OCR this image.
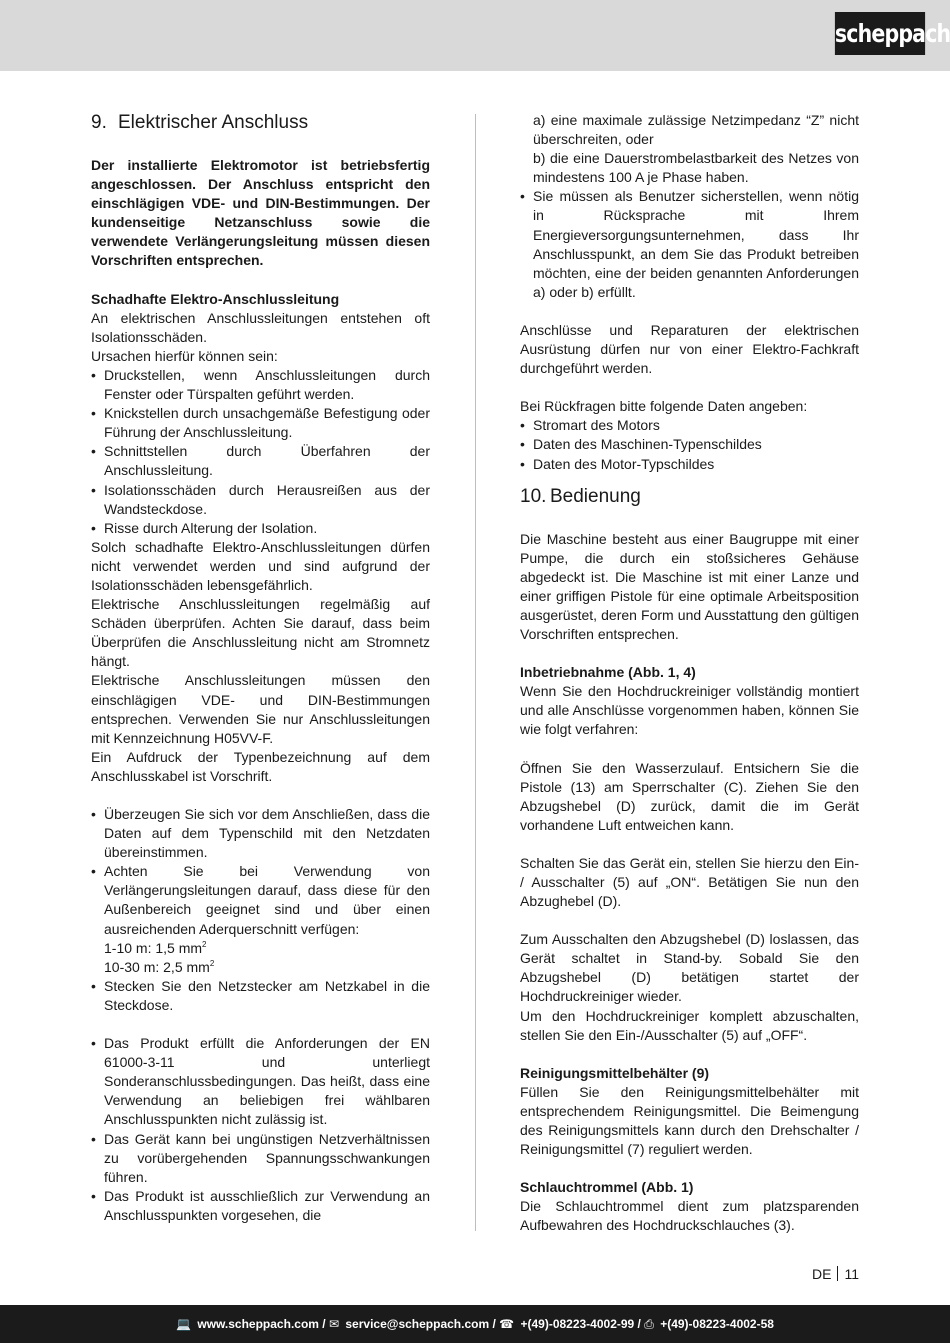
scheppach
9. Elektrischer Anschluss

Der installierte Elektromotor ist betriebsfertig angeschlossen. Der Anschluss entspricht den einschlägigen VDE- und DIN-Bestimmungen. Der kundenseitige Netzanschluss sowie die verwendete Verlängerungsleitung müssen diesen Vorschriften entsprechen.

Schadhafte Elektro-Anschlussleitung

An elektrischen Anschlussleitungen entstehen oft Isolationsschäden.

Ursachen hierfür können sein:

• Druckstellen, wenn Anschlussleitungen durch Fenster oder Türspalten geführt werden.
• Knickstellen durch unsachgemäße Befestigung oder Führung der Anschlussleitung.
• Schnittstellen durch Überfahren der Anschlussleitung.
• Isolationsschäden durch Herausreißen aus der Wandsteckdose.
• Risse durch Alterung der Isolation.

Solch schadhafte Elektro-Anschlussleitungen dürfen nicht verwendet werden und sind aufgrund der Isolationsschäden lebensgefährlich.

Elektrische Anschlussleitungen regelmäßig auf Schäden überprüfen. Achten Sie darauf, dass beim Überprüfen die Anschlussleitung nicht am Stromnetz hängt.

Elektrische Anschlussleitungen müssen den einschlägigen VDE- und DIN-Bestimmungen entsprechen. Verwenden Sie nur Anschlussleitungen mit Kennzeichnung H05VV-F.

Ein Aufdruck der Typenbezeichnung auf dem Anschlusskabel ist Vorschrift.

• Überzeugen Sie sich vor dem Anschließen, dass die Daten auf dem Typenschild mit den Netzdaten übereinstimmen.
• Achten Sie bei Verwendung von Verlängerungsleitungen darauf, dass diese für den Außenbereich geeignet sind und über einen ausreichenden Aderquerschnitt verfügen:
1-10 m: 1,5 $mm^2$
10-30 m: 2,5 $mm^2$
• Stecken Sie den Netzstecker am Netzkabel in die Steckdose.
• Das Produkt erfüllt die Anforderungen der EN 61000-3-11 und unterliegt Sonderanschlussbedingungen. Das heißt, dass eine Verwendung an beliebigen frei wählbaren Anschlusspunkten nicht zulässig ist.
• Das Gerät kann bei ungünstigen Netzverhältnissen zu vorübergehenden Spannungsschwankungen führen.
• Das Produkt ist ausschließlich zur Verwendung an Anschlusspunkten vorgesehen, die

a) eine maximale zulässige Netzimpedanz “Z” nicht überschreiten, oder

b) die eine Dauerstrombelastbarkeit des Netzes von mindestens 100 A je Phase haben.

• Sie müssen als Benutzer sicherstellen, wenn nötig in Rücksprache mit Ihrem Energieversorgungsunternehmen, dass Ihr Anschlusspunkt, an dem Sie das Produkt betreiben möchten, eine der beiden genannten Anforderungen a) oder b) erfüllt.

Anschlüsse und Reparaturen der elektrischen Ausrüstung dürfen nur von einer Elektro-Fachkraft durchgeführt werden.

Bei Rückfragen bitte folgende Daten angeben:

• Stromart des Motors
• Daten des Maschinen-Typenschildes
• Daten des Motor-Typschildes
10. Bedienung

Die Maschine besteht aus einer Baugruppe mit einer Pumpe, die durch ein stoßsicheres Gehäuse abgedeckt ist. Die Maschine ist mit einer Lanze und einer griffigen Pistole für eine optimale Arbeitsposition ausgerüstet, deren Form und Ausstattung den gültigen Vorschriften entsprechen.

Inbetriebnahme (Abb. 1, 4)

Wenn Sie den Hochdruckreiniger vollständig montiert und alle Anschlüsse vorgenommen haben, können Sie wie folgt verfahren:

Öffnen Sie den Wasserzulauf. Entsichern Sie die Pistole (13) am Sperrschalter (C). Ziehen Sie den Abzugshebel (D) zurück, damit die im Gerät vorhandene Luft entweichen kann.

Schalten Sie das Gerät ein, stellen Sie hierzu den Ein- / Ausschalter (5) auf „ON“. Betätigen Sie nun den Abzughebel (D).

Zum Ausschalten den Abzugshebel (D) loslassen, das Gerät schaltet in Stand-by. Sobald Sie den Abzugshebel (D) betätigen startet der Hochdruckreiniger wieder.

Um den Hochdruckreiniger komplett abzuschalten, stellen Sie den Ein-/Ausschalter (5) auf „OFF“.

Reinigungsmittelbehälter (9)

Füllen Sie den Reinigungsmittelbehälter mit entsprechendem Reinigungsmittel. Die Beimengung des Reinigungsmittels kann durch den Drehschalter / Reinigungsmittel (7) reguliert werden.

Schlauchtrommel (Abb. 1)

Die Schlauchtrommel dient zum platzsparenden Aufbewahren des Hochdruckschlauches (3).

DE 11
💻 www.scheppach.com / ✉ service@scheppach.com / ☎ +(49)-08223-4002-99 / ⎙ +(49)-08223-4002-58
